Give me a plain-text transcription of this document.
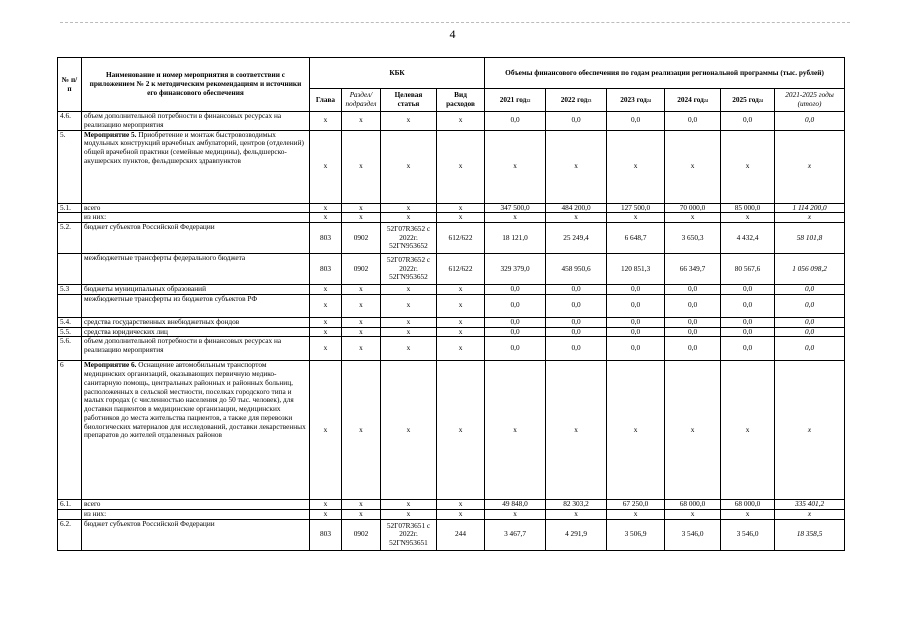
4
№ п/п	Наименование и номер мероприятия в соответствии с приложением № 2 к методическим рекомендациям и источники его финансового обеспечения	КБК				Объемы финансового обеспечения по годам реализации региональной программы (тыс. рублей)					
		Глава	Раздел/ подраздел	Целевая статья	Вид расходов	2021 год22	2022 год23	2023 год24	2024 год24	2025 год24	2021-2025 годы (итого)
4.6.	объем дополнительной потребности в финансовых ресурсах на реализацию мероприятия	х	х	х	х	0,0	0,0	0,0	0,0	0,0	0,0
5.	Мероприятие 5. Приобретение и монтаж быстровозводимых модульных конструкций врачебных амбулаторий, центров (отделений) общей врачебной практики (семейные медицины), фельдшерско-акушерских пунктов, фельдшерских здравпунктов	х	х	х	х	х	х	х	х	х	х
5.1.	всего	х	х	х	х	347 500,0	484 200,0	127 500,0	70 000,0	85 000,0	1 114 200,0
	из них:	х	х	х	х	х	х	х	х	х	х
5.2.	бюджет субъектов Российской Федерации	803	0902	52Г07R3652 с 2022г. 52ГN953652	612/622	18 121,0	25 249,4	6 648,7	3 650,3	4 432,4	58 101,8
	межбюджетные трансферты федерального бюджета	803	0902	52Г07R3652 с 2022г. 52ГN953652	612/622	329 379,0	458 950,6	120 851,3	66 349,7	80 567,6	1 056 098,2
5.3	бюджеты муниципальных образований	х	х	х	х	0,0	0,0	0,0	0,0	0,0	0,0
	межбюджетные трансферты из бюджетов субъектов РФ	х	х	х	х	0,0	0,0	0,0	0,0	0,0	0,0
5.4.	средства государственных внебюджетных фондов	х	х	х	х	0,0	0,0	0,0	0,0	0,0	0,0
5.5.	средства юридических лиц	х	х	х	х	0,0	0,0	0,0	0,0	0,0	0,0
5.6.	объем дополнительной потребности в финансовых ресурсах на реализацию мероприятия	х	х	х	х	0,0	0,0	0,0	0,0	0,0	0,0
6	Мероприятие 6. Оснащение автомобильным транспортом медицинских организаций, оказывающих первичную медико-санитарную помощь, центральных районных и районных больниц, расположенных в сельской местности, поселках городского типа и малых городах (с численностью населения до 50 тыс. человек), для доставки пациентов в медицинские организации, медицинских работников до места жительства пациентов, а также для перевозки биологических материалов для исследований, доставки лекарственных препаратов до жителей отдаленных районов	х	х	х	х	х	х	х	х	х	х
6.1.	всего	х	х	х	х	49 848,0	82 303,2	67 250,0	68 000,0	68 000,0	335 401,2
	из них:	х	х	х	х	х	х	х	х	х	х
6.2.	бюджет субъектов Российской Федерации	803	0902	52Г07R3651 с 2022г. 52ГN953651	244	3 467,7	4 291,9	3 506,9	3 546,0	3 546,0	18 358,5
